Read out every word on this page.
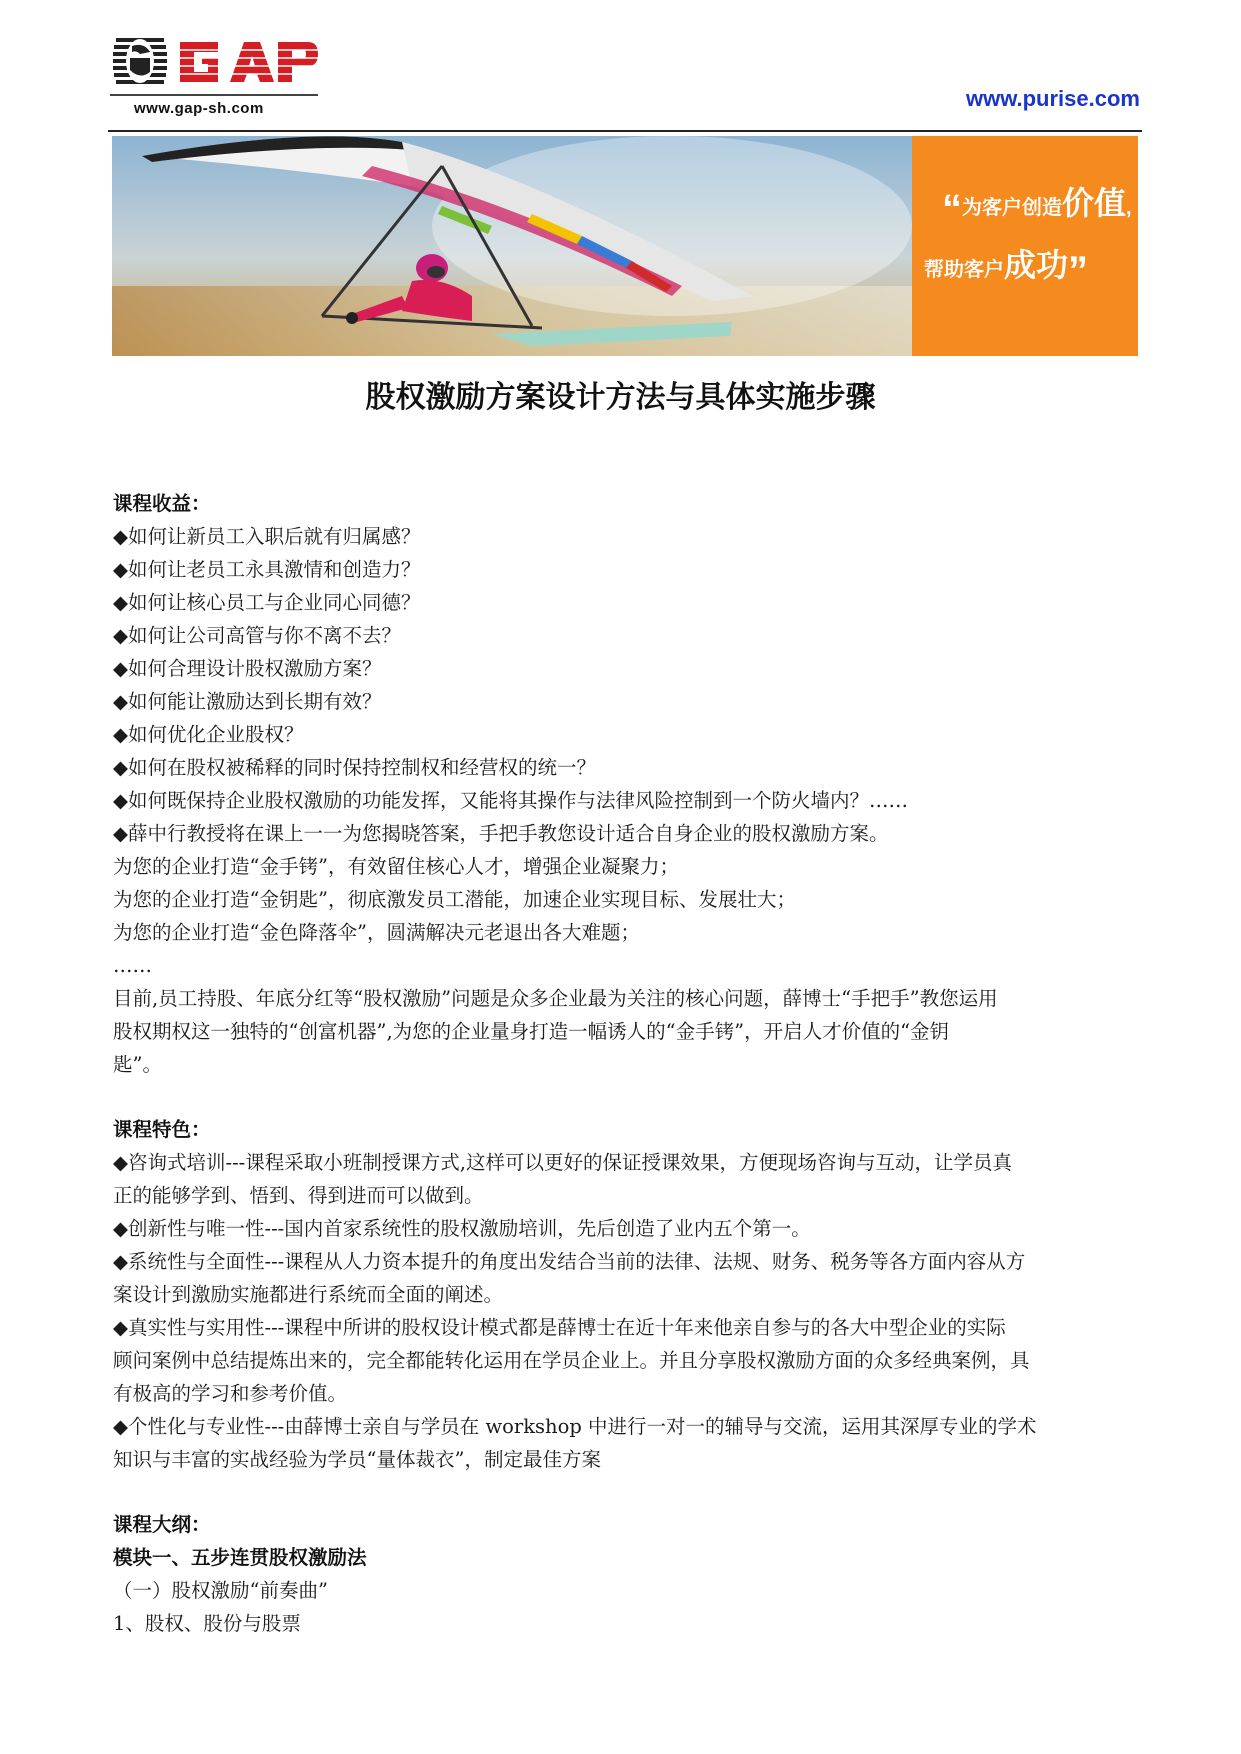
www.gap-sh.com	www.purise.com
“为客户创造价值,
帮助客户成功”
股权激励方案设计方法与具体实施步骤
课程收益：
◆如何让新员工入职后就有归属感？
◆如何让老员工永具激情和创造力？
◆如何让核心员工与企业同心同德？
◆如何让公司高管与你不离不去？
◆如何合理设计股权激励方案？
◆如何能让激励达到长期有效？
◆如何优化企业股权？
◆如何在股权被稀释的同时保持控制权和经营权的统一？
◆如何既保持企业股权激励的功能发挥，又能将其操作与法律风险控制到一个防火墙内？……
◆薛中行教授将在课上一一为您揭晓答案，手把手教您设计适合自身企业的股权激励方案。
为您的企业打造“金手铐”，有效留住核心人才，增强企业凝聚力；
为您的企业打造“金钥匙”，彻底激发员工潜能，加速企业实现目标、发展壮大；
为您的企业打造“金色降落伞”，圆满解决元老退出各大难题；
……
目前,员工持股、年底分红等“股权激励”问题是众多企业最为关注的核心问题，薛博士“手把手”教您运用
股权期权这一独特的“创富机器”,为您的企业量身打造一幅诱人的“金手铐”，开启人才价值的“金钥
匙”。
课程特色：
◆咨询式培训---课程采取小班制授课方式,这样可以更好的保证授课效果，方便现场咨询与互动，让学员真
正的能够学到、悟到、得到进而可以做到。
◆创新性与唯一性---国内首家系统性的股权激励培训，先后创造了业内五个第一。
◆系统性与全面性---课程从人力资本提升的角度出发结合当前的法律、法规、财务、税务等各方面内容从方
案设计到激励实施都进行系统而全面的阐述。
◆真实性与实用性---课程中所讲的股权设计模式都是薛博士在近十年来他亲自参与的各大中型企业的实际
顾问案例中总结提炼出来的，完全都能转化运用在学员企业上。并且分享股权激励方面的众多经典案例，具
有极高的学习和参考价值。
◆个性化与专业性---由薛博士亲自与学员在 workshop 中进行一对一的辅导与交流，运用其深厚专业的学术
知识与丰富的实战经验为学员“量体裁衣”，制定最佳方案
课程大纲：
模块一、五步连贯股权激励法
（一）股权激励“前奏曲”
1、股权、股份与股票
